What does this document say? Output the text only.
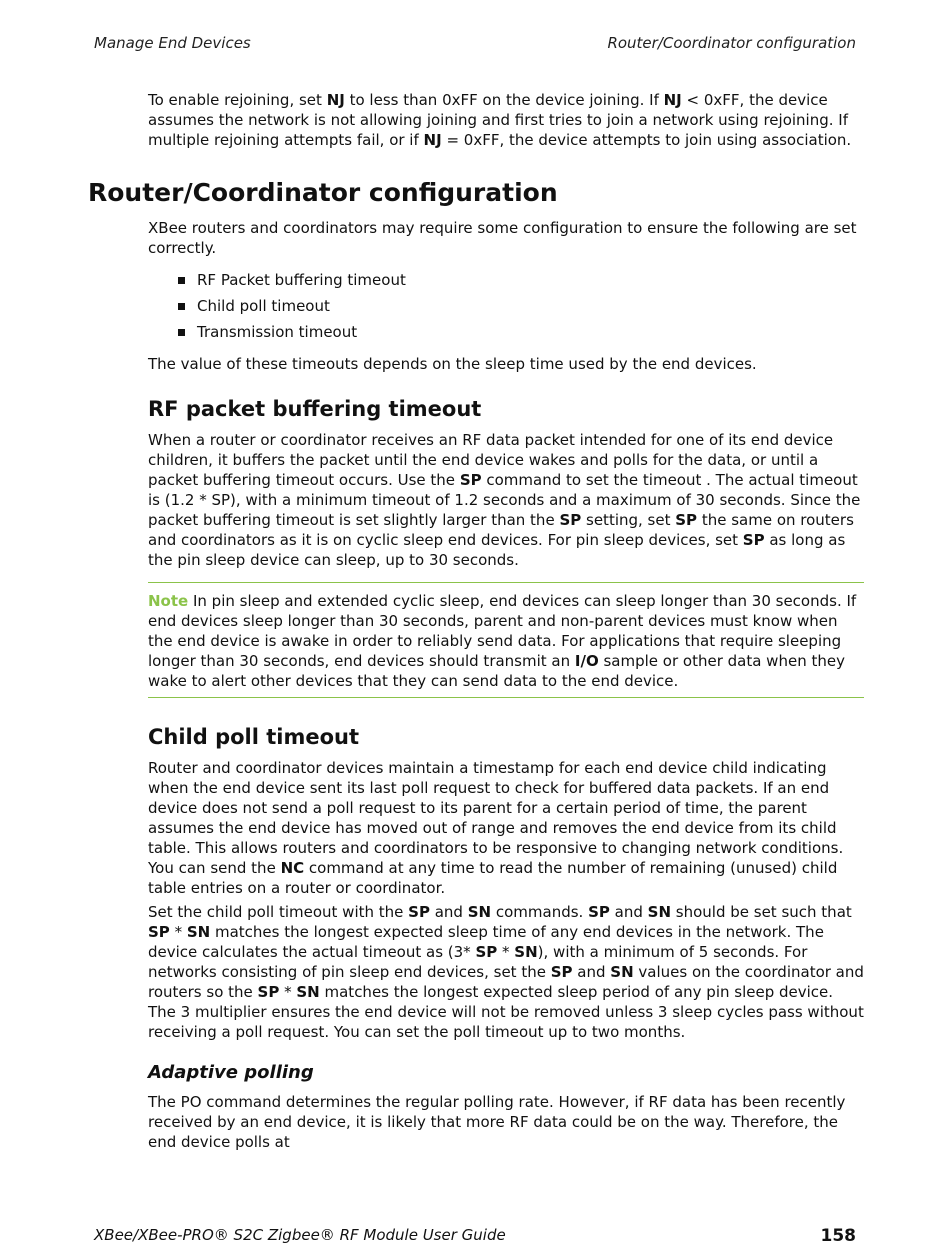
Manage End Devices	Router/Coordinator configuration

To enable rejoining, set NJ to less than 0xFF on the device joining. If NJ < 0xFF, the device assumes the network is not allowing joining and first tries to join a network using rejoining. If multiple rejoining attempts fail, or if NJ = 0xFF, the device attempts to join using association.

Router/Coordinator configuration

XBee routers and coordinators may require some configuration to ensure the following are set correctly.

RF Packet buffering timeout
Child poll timeout
Transmission timeout

The value of these timeouts depends on the sleep time used by the end devices.

RF packet buffering timeout

When a router or coordinator receives an RF data packet intended for one of its end device children, it buffers the packet until the end device wakes and polls for the data, or until a packet buffering timeout occurs. Use the SP command to set the timeout . The actual timeout is (1.2 * SP), with a minimum timeout of 1.2 seconds and a maximum of 30 seconds. Since the packet buffering timeout is set slightly larger than the SP setting, set SP the same on routers and coordinators as it is on cyclic sleep end devices. For pin sleep devices, set SP as long as the pin sleep device can sleep, up to 30 seconds.

Note In pin sleep and extended cyclic sleep, end devices can sleep longer than 30 seconds. If end devices sleep longer than 30 seconds, parent and non-parent devices must know when the end device is awake in order to reliably send data. For applications that require sleeping longer than 30 seconds, end devices should transmit an I/O sample or other data when they wake to alert other devices that they can send data to the end device.
Child poll timeout

Router and coordinator devices maintain a timestamp for each end device child indicating when the end device sent its last poll request to check for buffered data packets. If an end device does not send a poll request to its parent for a certain period of time, the parent assumes the end device has moved out of range and removes the end device from its child table. This allows routers and coordinators to be responsive to changing network conditions. You can send the NC command at any time to read the number of remaining (unused) child table entries on a router or coordinator.

Set the child poll timeout with the SP and SN commands. SP and SN should be set such that SP * SN matches the longest expected sleep time of any end devices in the network. The device calculates the actual timeout as (3* SP * SN), with a minimum of 5 seconds. For networks consisting of pin sleep end devices, set the SP and SN values on the coordinator and routers so the SP * SN matches the longest expected sleep period of any pin sleep device. The 3 multiplier ensures the end device will not be removed unless 3 sleep cycles pass without receiving a poll request. You can set the poll timeout up to two months.

Adaptive polling

The PO command determines the regular polling rate. However, if RF data has been recently received by an end device, it is likely that more RF data could be on the way. Therefore, the end device polls at

XBee/XBee-PRO® S2C Zigbee® RF Module User Guide	158
